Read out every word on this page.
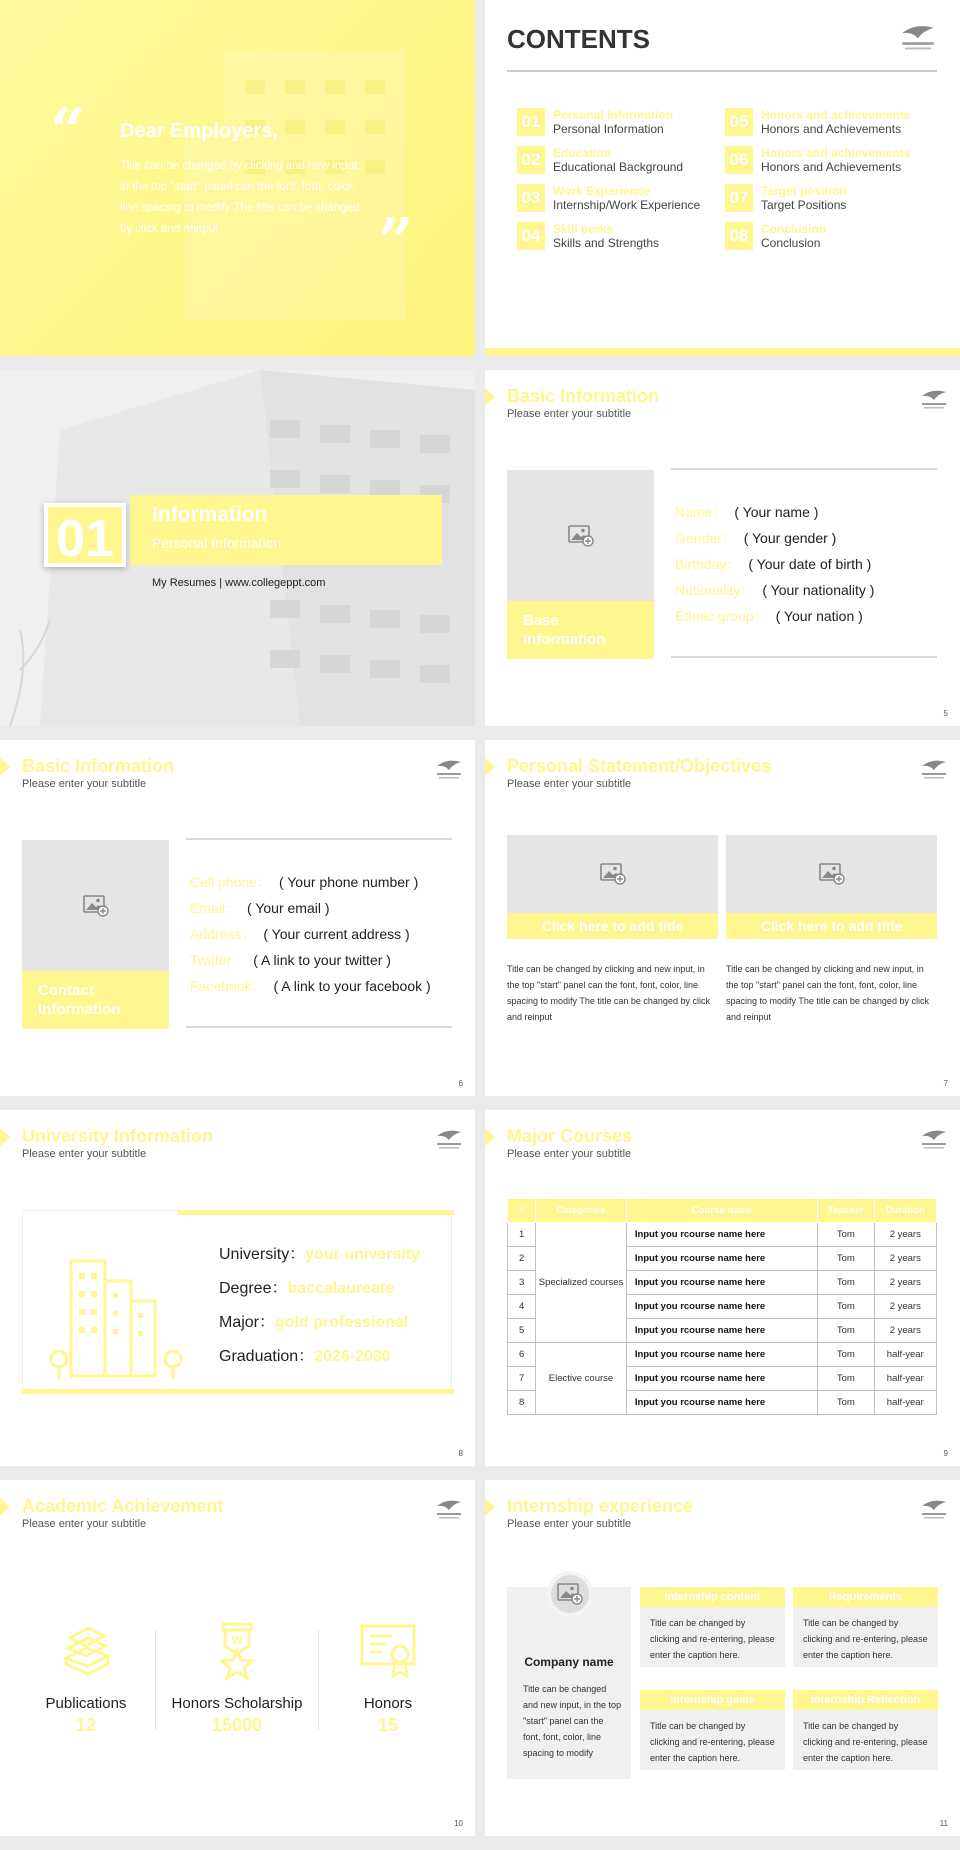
“ Dear Employers,
Title can be changed by clicking and new input, in the top "start" panel can the font, font, color, line spacing to modify The title can be changed by click and reinput	”
CONTENTS
01	Personal Information
Personal Information
02	Education
Educational Background
03	Work Experience
Internship/Work Experience
04	Skill perks
Skills and Strengths
05	Honors and achievements
Honors and Achievements
06	Honors and achievements
Honors and Achievements
07	Target position
Target Positions
08	Conclusion
Conclusion
Information
Personal Information
01
My Resumes | www.collegeppt.com
Basic Information
Please enter your subtitle
Base Information
Name： ( Your name )
Gender： ( Your gender )
Birthday： ( Your date of birth )
Nationality： ( Your nationality )
Ethnic group： ( Your nation )
5
Basic Information
Please enter your subtitle
Contact Information
Cell phone： ( Your phone number )
Email： ( Your email )
Address： ( Your current address )
Twitter： ( A link to your twitter )
Facebook： ( A link to your facebook )
6
Personal Statement/Objectives
Please enter your subtitle
Click here to add title
Title can be changed by clicking and new input, in the top "start" panel can the font, font, color, line spacing to modify The title can be changed by click and reinput
Click here to add title
Title can be changed by clicking and new input, in the top "start" panel can the font, font, color, line spacing to modify The title can be changed by click and reinput
7
University Information
Please enter your subtitle
University：your university
Degree：baccalaureate
Major：gold professional
Graduation：2026-2030
8
Major Courses
Please enter your subtitle
#	Categories	Course name	Teacher	Duration
1	Specialized courses	Input you rcourse name here	Tom	2 years
2		Input you rcourse name here	Tom	2 years
3		Input you rcourse name here	Tom	2 years
4		Input you rcourse name here	Tom	2 years
5		Input you rcourse name here	Tom	2 years
6	Elective course	Input you rcourse name here	Tom	half-year
7		Input you rcourse name here	Tom	half-year
8		Input you rcourse name here	Tom	half-year
9
Academic Achievement
Please enter your subtitle
Publications
12
W
Honors Scholarship
15000
Honors
15
10
Internship experience
Please enter your subtitle
Company name
Title can be changed and new input, in the top "start" panel can the font, font, color, line spacing to modify
Internship content
Title can be changed by clicking and re-entering, please enter the caption here.
Requirements
Title can be changed by clicking and re-entering, please enter the caption here.
Internship gains
Title can be changed by clicking and re-entering, please enter the caption here.
Internship Reflection
Title can be changed by clicking and re-entering, please enter the caption here.
11
